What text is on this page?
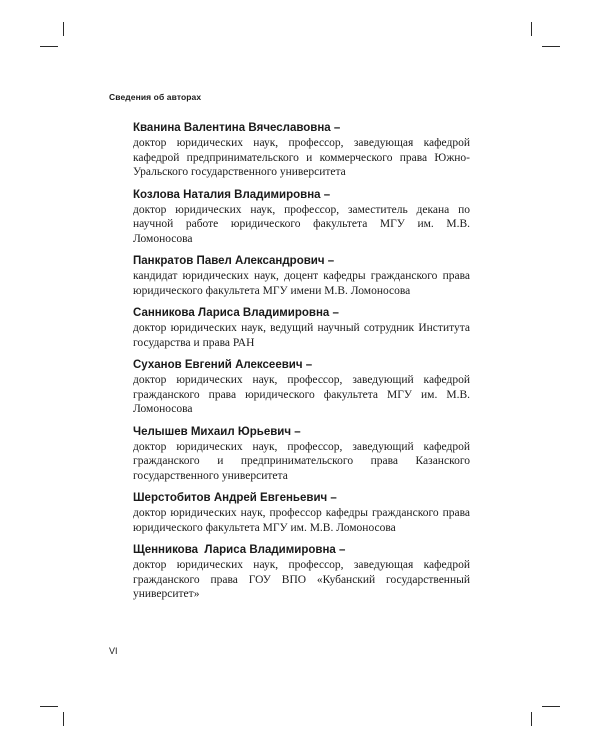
Сведения об авторах
Кванина Валентина Вячеславовна –
доктор юридических наук, профессор, заведующая кафедрой кафедрой предпринимательского и коммерческого права Южно-Уральского государственного университета
Козлова Наталия Владимировна –
доктор юридических наук, профессор, заместитель декана по научной работе юридического факультета МГУ им. М.В. Ломоносова
Панкратов Павел Александрович –
кандидат юридических наук, доцент кафедры гражданского права юридического факультета МГУ имени М.В. Ломоносова
Санникова Лариса Владимировна –
доктор юридических наук, ведущий научный сотрудник Института государства и права РАН
Суханов Евгений Алексеевич –
доктор юридических наук, профессор, заведующий кафедрой гражданского права юридического факультета МГУ им. М.В. Ломоносова
Челышев Михаил Юрьевич –
доктор юридических наук, профессор, заведующий кафедрой гражданского и предпринимательского права Казанского государственного университета
Шерстобитов Андрей Евгеньевич –
доктор юридических наук, профессор кафедры гражданского права юридического факультета МГУ им. М.В. Ломоносова
Щенникова  Лариса Владимировна –
доктор юридических наук, профессор, заведующая кафедрой гражданского права ГОУ ВПО «Кубанский государственный университет»
VI
